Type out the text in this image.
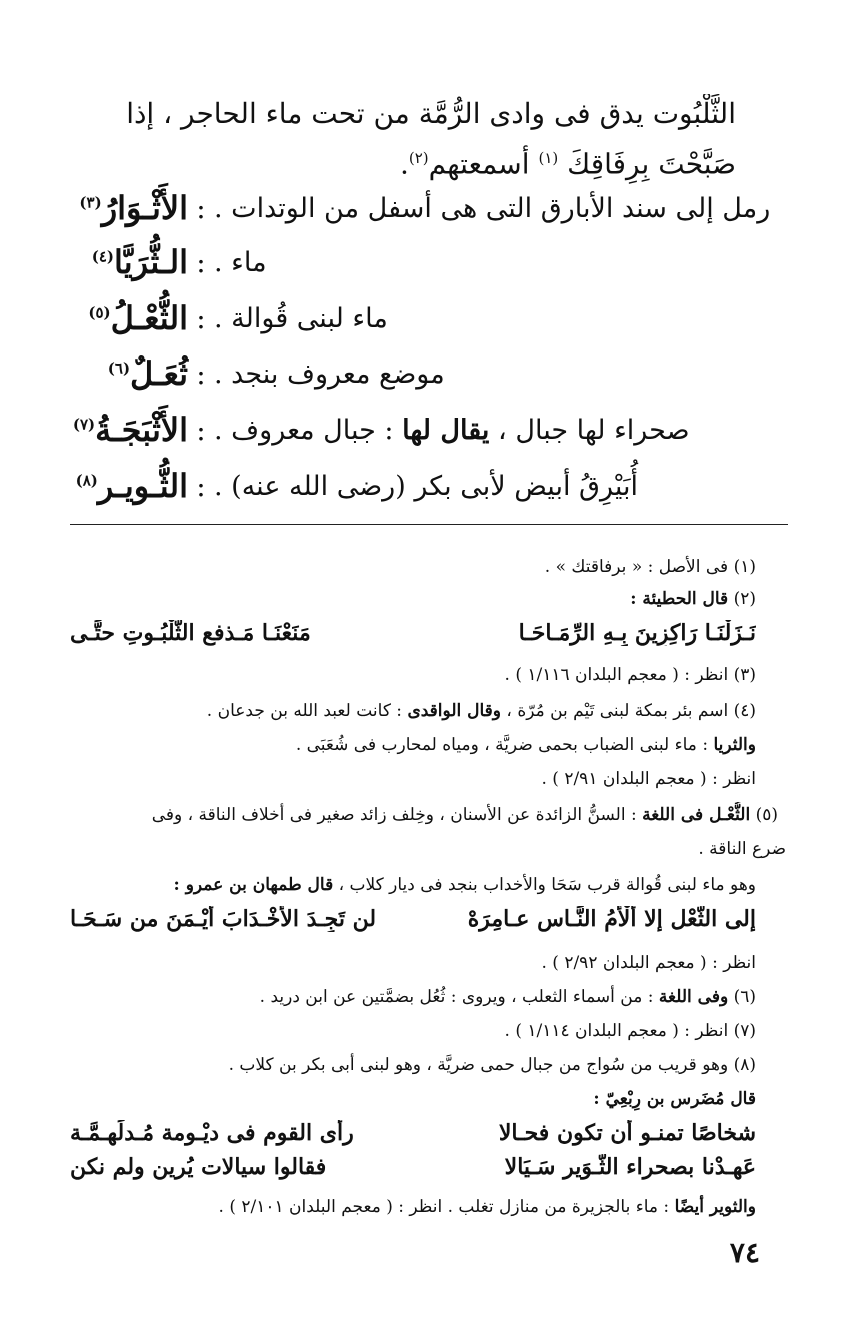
الثَّلْبُوت يدق فى وادى الرُّمَّة من تحت ماء الحاجر ، إذا
صَبَّحْتَ بِرِفَاقِكَ $^{(١)}$ أسمعتهم$^{(٢)}$.
الأَثْـوَارُ$^{(٣)}$	: رمل إلى سند الأبارق التى هى أسفل من الوتدات .
الـثُّرَيَّا$^{(٤)}$	: ماء .
الثُّعْـلُ$^{(٥)}$	: ماء لبنى قُوالة .
ثُعَـلٌ$^{(٦)}$	: موضع معروف بنجد .
الأَثْبَجَـةُ$^{(٧)}$	:	صحراء لها جبال ، يقال لها : جبال معروف .
الثُّـويـر$^{(٨)}$	: أُبَيْرِقُ أبيض لأبى بكر (رضى الله عنه) .
(١) فى الأصل : « برفاقتك » .
(٢) قال الحطيئة :
مَنَعْنَـا مَـذفع الثَّلْبُـوتِ حتَّـى	نَـزَلْنَـا رَاكِزِينَ بِـهِ الرِّمَـاحَـا
(٣) انظر : ( معجم البلدان ١/١١٦ ) .
(٤) اسم بئر بمكة لبنى تَيْم بن مُرّة ، وقال الواقدى : كانت لعبد الله بن جدعان .
والثريا : ماء لبنى الضباب بحمى ضريَّة ، ومياه لمحارب فى شُعَبَى .
انظر : ( معجم البلدان ٢/٩١ ) .
(٥) الثُّعْـل فى اللغة : السنُّ الزائدة عن الأسنان ، وخِلف زائد صغير فى أخلاف الناقة ، وفى
ضرع الناقة .
وهو ماء لبنى قُوالة قرب سَحَا والأخداب بنجد فى ديار كلاب ، قال طمهان بن عمرو :
لن تَجِـدَ الأَخْـدَابَ أَيْـمَنَ من سَـحَـا	إلى الثُّعْل إلا أَلْأَمُ النَّـاسِ عـامِرَهْ
انظر : ( معجم البلدان ٢/٩٢ ) .
(٦) وفى اللغة : من أسماء الثعلب ، ويروى : ثُعُل بضمَّتين عن ابن دريد .
(٧) انظر : ( معجم البلدان ١/١١٤ ) .
(٨) وهو قريب من سُواج من جبال حمى ضريَّة ، وهو لبنى أبى بكر بن كلاب .
قال مُضَرس بن رِبْعِيّ :
رأى القوم فى ديْـومة مُـدلَهِـمَّـة	شخاصًا تمنـو أن تكون فحـالا
فقالوا سيالات يُرين ولم نكن	عَهِـدْنا بصحراء الثُّـوَير سَـيَالا
والثوير أيضًا : ماء بالجزيرة من منازل تغلب . انظر : ( معجم البلدان ٢/١٠١ ) .
٧٤
